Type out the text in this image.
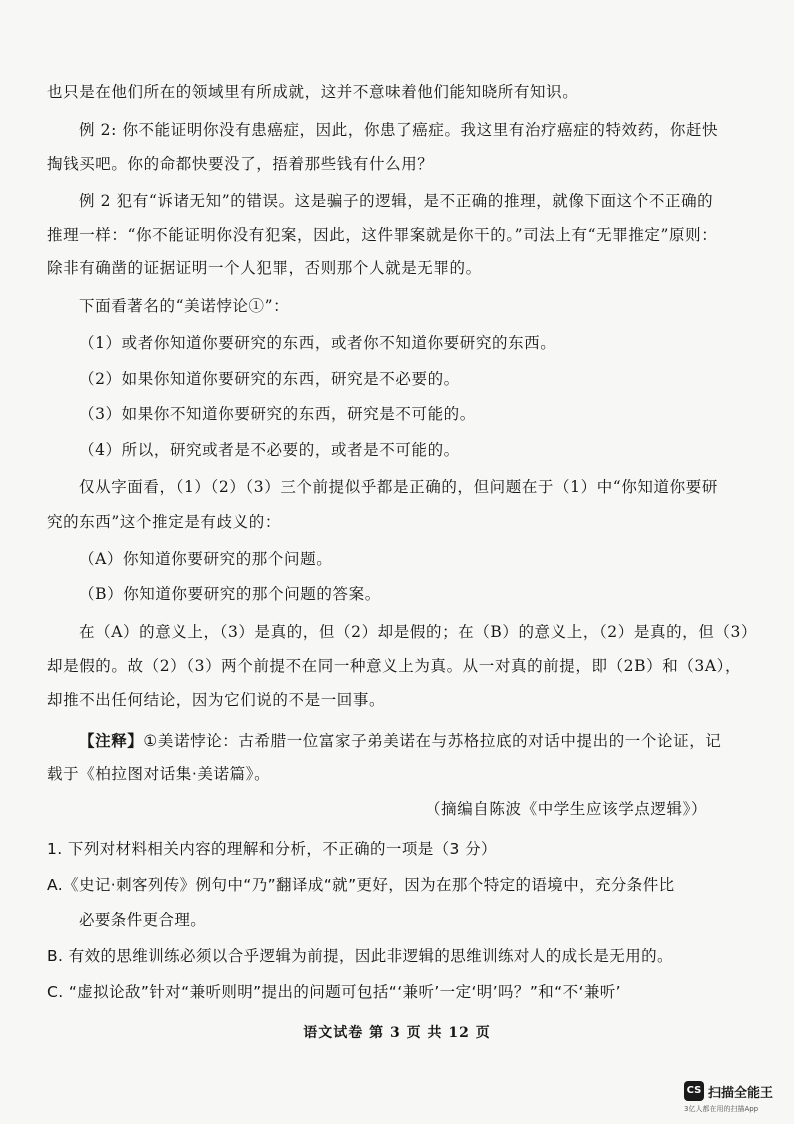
也只是在他们所在的领域里有所成就，这并不意味着他们能知晓所有知识。
例 2: 你不能证明你没有患癌症，因此，你患了癌症。我这里有治疗癌症的特效药，你赶快
掏钱买吧。你的命都快要没了，捂着那些钱有什么用？
例 2 犯有“诉诸无知”的错误。这是骗子的逻辑，是不正确的推理，就像下面这个不正确的
推理一样：“你不能证明你没有犯案，因此，这件罪案就是你干的。”司法上有“无罪推定”原则：
除非有确凿的证据证明一个人犯罪，否则那个人就是无罪的。
下面看著名的“美诺悖论①”：
（1）或者你知道你要研究的东西，或者你不知道你要研究的东西。
（2）如果你知道你要研究的东西，研究是不必要的。
（3）如果你不知道你要研究的东西，研究是不可能的。
（4）所以，研究或者是不必要的，或者是不可能的。
仅从字面看，（1）（2）（3）三个前提似乎都是正确的，但问题在于（1）中“你知道你要研
究的东西”这个推定是有歧义的：
（A）你知道你要研究的那个问题。
（B）你知道你要研究的那个问题的答案。
在（A）的意义上，（3）是真的，但（2）却是假的；在（B）的意义上，（2）是真的，但（3）
却是假的。故（2）（3）两个前提不在同一种意义上为真。从一对真的前提，即（2B）和（3A），
却推不出任何结论，因为它们说的不是一回事。
【注释】①美诺悖论：古希腊一位富家子弟美诺在与苏格拉底的对话中提出的一个论证，记
载于《柏拉图对话集·美诺篇》。
（摘编自陈波《中学生应该学点逻辑》）
1. 下列对材料相关内容的理解和分析，不正确的一项是（3 分）
A.《史记·刺客列传》例句中“乃”翻译成“就”更好，因为在那个特定的语境中，充分条件比
必要条件更合理。
B. 有效的思维训练必须以合乎逻辑为前提，因此非逻辑的思维训练对人的成长是无用的。
C. “虚拟论敌”针对“兼听则明”提出的问题可包括“‘兼听’一定‘明’吗？”和“不‘兼听’
语文试卷 第 3 页 共 12 页
CS 扫描全能王
3亿人都在用的扫描App
